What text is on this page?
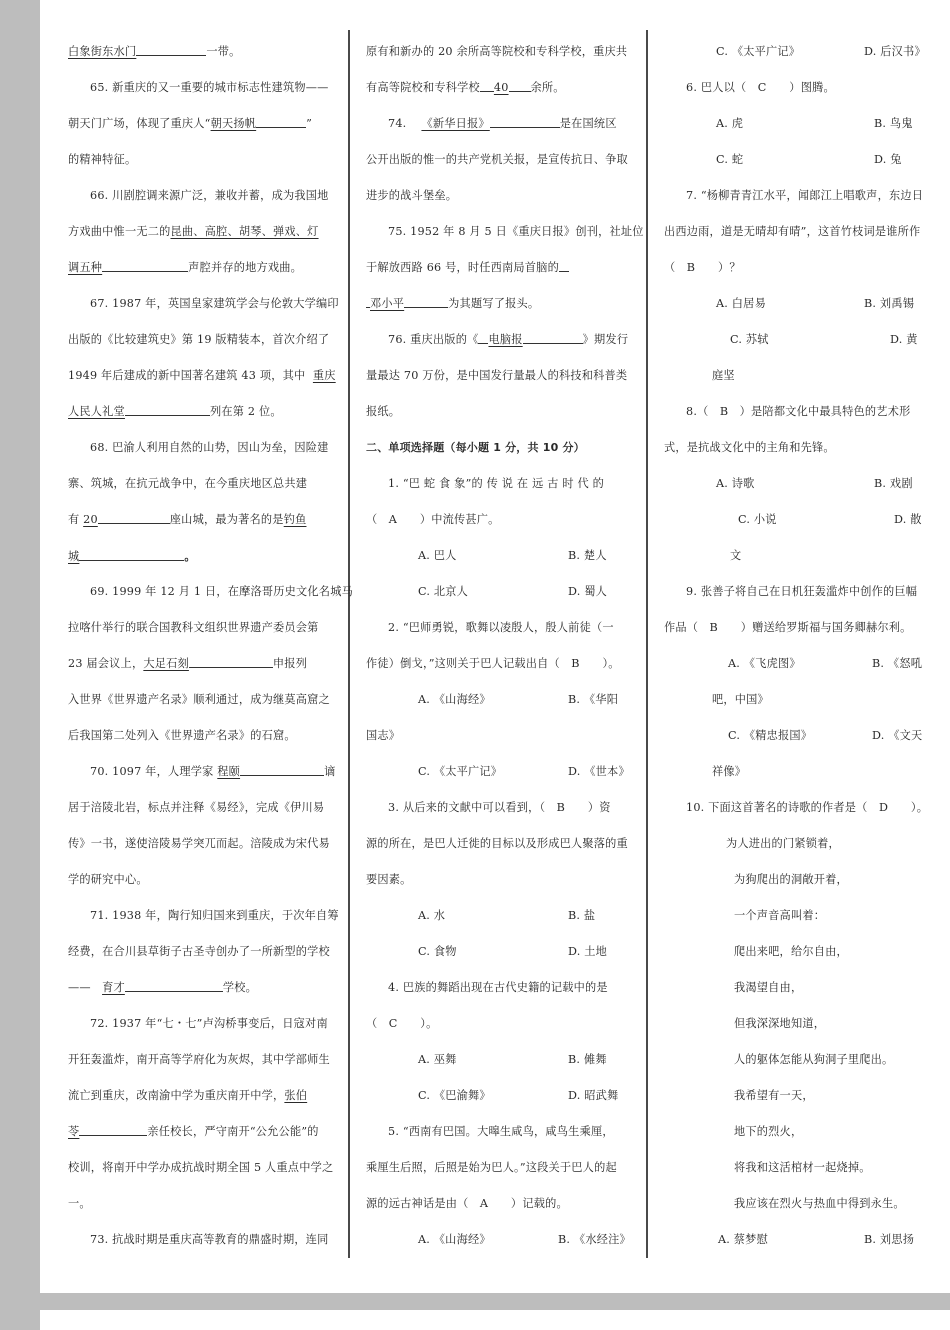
白象街东水门	一带。
65. 新重庆的又一重要的城市标志性建筑物——
朝天门广场，体现了重庆人“朝天扬帆	”
的精神特征。
66. 川剧腔调来源广泛，兼收并蓄，成为我国地
方戏曲中惟一无二的昆曲、高腔、胡琴、弹戏、灯
调五种	声腔并存的地方戏曲。
67. 1987 年，英国皇家建筑学会与伦敦大学编印
出版的《比较建筑史》第 19 版精装本，首次介绍了
1949 年后建成的新中国著名建筑 43 项，其中 重庆
人民人礼堂	列在第 2 位。
68. 巴渝人利用自然的山势，因山为垒，因险建
寨、筑城，在抗元战争中，在今重庆地区总共建
有 20	座山城，最为著名的是钓鱼
城	。
69. 1999 年 12 月 1 日，在摩洛哥历史文化名城马
拉喀什举行的联合国教科文组织世界遗产委员会第
23 届会议上，大足石刻	申报列
入世界《世界遗产名录》顺利通过，成为继莫高窟之
后我国第二处列入《世界遗产名录》的石窟。
70. 1097 年，人理学家 程颐	谪
居于涪陵北岩，标点并注释《易经》，完成《伊川易
传》一书，遂使涪陵易学突兀而起。涪陵成为宋代易
学的研究中心。
71. 1938 年，陶行知归国来到重庆，于次年自筹
经费，在合川县草街子古圣寺创办了一所新型的学校
—— 育才	学校。
72. 1937 年“七・七”卢沟桥事变后，日寇对南
开狂轰滥炸，南开高等学府化为灰烬，其中学部师生
流亡到重庆，改南渝中学为重庆南开中学，张伯
苓	亲任校长，严守南开“公允公能”的
校训，将南开中学办成抗战时期全国 5 人重点中学之
一。
73. 抗战时期是重庆高等教育的鼎盛时期，连同
原有和新办的 20 余所高等院校和专科学校，重庆共
有高等院校和专科学校 40 余所。
74. 《新华日报》	是在国统区
公开出版的惟一的共产党机关报，是宣传抗日、争取
进步的战斗堡垒。
75. 1952 年 8 月 5 日《重庆日报》创刊，社址位
于解放西路 66 号，时任西南局首脑的
邓小平	为其题写了报头。
76. 重庆出版的《 电脑报	》期发行
量最达 70 万份，是中国发行量最人的科技和科普类
报纸。
二、单项选择题（每小题 1 分，共 10 分）
1. “巴 蛇 食 象”的 传 说 在 远 古 时 代 的
（　A　　）中流传甚广。
A. 巴人	B. 楚人
C. 北京人	D. 蜀人
2. “巴师勇锐，歌舞以凌殷人，殷人前徒（一
作徒）倒戈，”这则关于巴人记载出自（　B　　）。
A. 《山海经》	B. 《华阳
国志》
C. 《太平广记》	D. 《世本》
3. 从后来的文献中可以看到，（　B　　）资
源的所在，是巴人迁徙的目标以及形成巴人聚落的重
要因素。
A. 水	B. 盐
C. 食物	D. 土地
4. 巴族的舞蹈出现在古代史籍的记载中的是
（　C　　）。
A. 巫舞	B. 傩舞
C. 《巴渝舞》	D. 昭武舞
5. “西南有巴国。大暤生咸鸟，咸鸟生乘厘，
乘厘生后照，后照是始为巴人。”这段关于巴人的起
源的远古神话是由（　A　　）记载的。
A. 《山海经》	B. 《水经注》
C. 《太平广记》	D. 后汉书》
6. 巴人以（　C　　）图腾。
A. 虎	B. 鸟鬼
C. 蛇	D. 兔
7. “杨柳青青江水平，闻郎江上唱歌声，东边日
出西边雨，道是无晴却有晴”，这首竹枝词是谁所作
（　B　　）？
A. 白居易	B. 刘禹锡
C. 苏轼	D. 黄
庭坚
8.（　B　）是陪都文化中最具特色的艺术形
式，是抗战文化中的主角和先锋。
A. 诗歌	B. 戏剧
C. 小说	D. 散
文
9. 张善子将自己在日机狂轰滥炸中创作的巨幅
作品（　B　　）赠送给罗斯福与国务卿赫尔利。
A. 《飞虎图》	B. 《怒吼
吧，中国》
C. 《精忠报国》	D. 《文天
祥像》
10. 下面这首著名的诗歌的作者是（　D　　）。
为人进出的门紧锁着，
为狗爬出的洞敞开着，
一个声音高叫着：
爬出来吧，给尔自由，
我渴望自由，
但我深深地知道，
人的躯体怎能从狗洞子里爬出。
我希望有一天，
地下的烈火，
将我和这活棺材一起烧掉。
我应该在烈火与热血中得到永生。
A. 蔡梦慰	B. 刘思扬
